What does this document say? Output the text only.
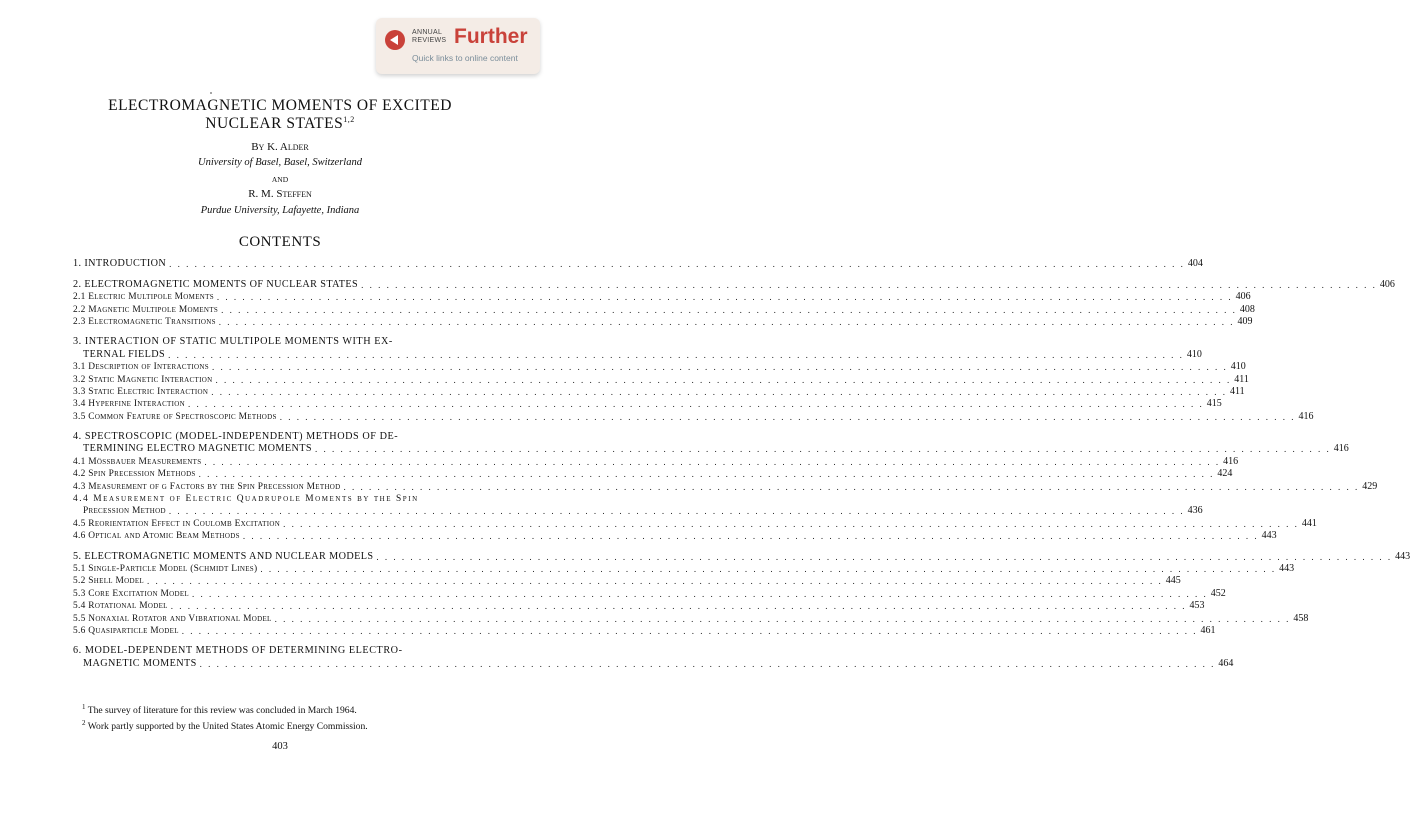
ANNUAL
REVIEWS Further
Quick links to online content
ELECTROMAGNETIC MOMENTS OF EXCITED
NUCLEAR STATES$^{1,2}$
By K. Alder
University of Basel, Basel, Switzerland
AND
R. M. Steffen
Purdue University, Lafayette, Indiana
CONTENTS
1. INTRODUCTION . . . . . . . . . . . . . . . . . . . . . . . . . . . . . . . . . . . . . . . . . . . . . . . . . . . . . . . . . . . . . . . . . . . . . . . . . . . . . . . . . . . . . . . . . . . . . . . . . . . . . . . . . . . . . . . . . . . . . . . . 404
2. ELECTROMAGNETIC MOMENTS OF NUCLEAR STATES . . . . . . . . . . . . . . . . . . . . . . . . . . . . . . . . . . . . . . . . . . . . . . . . . . . . . . . . . . . . . . . . . . . . . . . . . . . . . . . . . . . . . . . . . . . . . . . . . . . . . . . . . . . . . . . . . . . . . . . . 406
2.1 Electric Multipole Moments . . . . . . . . . . . . . . . . . . . . . . . . . . . . . . . . . . . . . . . . . . . . . . . . . . . . . . . . . . . . . . . . . . . . . . . . . . . . . . . . . . . . . . . . . . . . . . . . . . . . . . . . . . . . . . . . . . . . . . . . 406
2.2 Magnetic Multipole Moments . . . . . . . . . . . . . . . . . . . . . . . . . . . . . . . . . . . . . . . . . . . . . . . . . . . . . . . . . . . . . . . . . . . . . . . . . . . . . . . . . . . . . . . . . . . . . . . . . . . . . . . . . . . . . . . . . . . . . . . . 408
2.3 Electromagnetic Transitions . . . . . . . . . . . . . . . . . . . . . . . . . . . . . . . . . . . . . . . . . . . . . . . . . . . . . . . . . . . . . . . . . . . . . . . . . . . . . . . . . . . . . . . . . . . . . . . . . . . . . . . . . . . . . . . . . . . . . . . . 409
3. INTERACTION OF STATIC MULTIPOLE MOMENTS WITH EX-
TERNAL FIELDS . . . . . . . . . . . . . . . . . . . . . . . . . . . . . . . . . . . . . . . . . . . . . . . . . . . . . . . . . . . . . . . . . . . . . . . . . . . . . . . . . . . . . . . . . . . . . . . . . . . . . . . . . . . . . . . . . . . . . . . . 410
3.1 Description of Interactions . . . . . . . . . . . . . . . . . . . . . . . . . . . . . . . . . . . . . . . . . . . . . . . . . . . . . . . . . . . . . . . . . . . . . . . . . . . . . . . . . . . . . . . . . . . . . . . . . . . . . . . . . . . . . . . . . . . . . . . . 410
3.2 Static Magnetic Interaction . . . . . . . . . . . . . . . . . . . . . . . . . . . . . . . . . . . . . . . . . . . . . . . . . . . . . . . . . . . . . . . . . . . . . . . . . . . . . . . . . . . . . . . . . . . . . . . . . . . . . . . . . . . . . . . . . . . . . . . . 411
3.3 Static Electric Interaction . . . . . . . . . . . . . . . . . . . . . . . . . . . . . . . . . . . . . . . . . . . . . . . . . . . . . . . . . . . . . . . . . . . . . . . . . . . . . . . . . . . . . . . . . . . . . . . . . . . . . . . . . . . . . . . . . . . . . . . . 411
3.4 Hyperfine Interaction . . . . . . . . . . . . . . . . . . . . . . . . . . . . . . . . . . . . . . . . . . . . . . . . . . . . . . . . . . . . . . . . . . . . . . . . . . . . . . . . . . . . . . . . . . . . . . . . . . . . . . . . . . . . . . . . . . . . . . . . 415
3.5 Common Feature of Spectroscopic Methods . . . . . . . . . . . . . . . . . . . . . . . . . . . . . . . . . . . . . . . . . . . . . . . . . . . . . . . . . . . . . . . . . . . . . . . . . . . . . . . . . . . . . . . . . . . . . . . . . . . . . . . . . . . . . . . . . . . . . . . . 416
4. SPECTROSCOPIC (MODEL-INDEPENDENT) METHODS OF DE-
TERMINING ELECTRO MAGNETIC MOMENTS . . . . . . . . . . . . . . . . . . . . . . . . . . . . . . . . . . . . . . . . . . . . . . . . . . . . . . . . . . . . . . . . . . . . . . . . . . . . . . . . . . . . . . . . . . . . . . . . . . . . . . . . . . . . . . . . . . . . . . . . 416
4.1 Mössbauer Measurements . . . . . . . . . . . . . . . . . . . . . . . . . . . . . . . . . . . . . . . . . . . . . . . . . . . . . . . . . . . . . . . . . . . . . . . . . . . . . . . . . . . . . . . . . . . . . . . . . . . . . . . . . . . . . . . . . . . . . . . . 416
4.2 Spin Precession Methods . . . . . . . . . . . . . . . . . . . . . . . . . . . . . . . . . . . . . . . . . . . . . . . . . . . . . . . . . . . . . . . . . . . . . . . . . . . . . . . . . . . . . . . . . . . . . . . . . . . . . . . . . . . . . . . . . . . . . . . . 424
4.3 Measurement of g Factors by the Spin Precession Method . . . . . . . . . . . . . . . . . . . . . . . . . . . . . . . . . . . . . . . . . . . . . . . . . . . . . . . . . . . . . . . . . . . . . . . . . . . . . . . . . . . . . . . . . . . . . . . . . . . . . . . . . . . . . . . . . . . . . . . . 429
4.4 Measurement of Electric Quadrupole Moments by the Spin
Precession Method . . . . . . . . . . . . . . . . . . . . . . . . . . . . . . . . . . . . . . . . . . . . . . . . . . . . . . . . . . . . . . . . . . . . . . . . . . . . . . . . . . . . . . . . . . . . . . . . . . . . . . . . . . . . . . . . . . . . . . . . 436
4.5 Reorientation Effect in Coulomb Excitation . . . . . . . . . . . . . . . . . . . . . . . . . . . . . . . . . . . . . . . . . . . . . . . . . . . . . . . . . . . . . . . . . . . . . . . . . . . . . . . . . . . . . . . . . . . . . . . . . . . . . . . . . . . . . . . . . . . . . . . . 441
4.6 Optical and Atomic Beam Methods . . . . . . . . . . . . . . . . . . . . . . . . . . . . . . . . . . . . . . . . . . . . . . . . . . . . . . . . . . . . . . . . . . . . . . . . . . . . . . . . . . . . . . . . . . . . . . . . . . . . . . . . . . . . . . . . . . . . . . . . 443
5. ELECTROMAGNETIC MOMENTS AND NUCLEAR MODELS . . . . . . . . . . . . . . . . . . . . . . . . . . . . . . . . . . . . . . . . . . . . . . . . . . . . . . . . . . . . . . . . . . . . . . . . . . . . . . . . . . . . . . . . . . . . . . . . . . . . . . . . . . . . . . . . . . . . . . . . 443
5.1 Single-Particle Model (Schmidt Lines) . . . . . . . . . . . . . . . . . . . . . . . . . . . . . . . . . . . . . . . . . . . . . . . . . . . . . . . . . . . . . . . . . . . . . . . . . . . . . . . . . . . . . . . . . . . . . . . . . . . . . . . . . . . . . . . . . . . . . . . . 443
5.2 Shell Model . . . . . . . . . . . . . . . . . . . . . . . . . . . . . . . . . . . . . . . . . . . . . . . . . . . . . . . . . . . . . . . . . . . . . . . . . . . . . . . . . . . . . . . . . . . . . . . . . . . . . . . . . . . . . . . . . . . . . . . . 445
5.3 Core Excitation Model . . . . . . . . . . . . . . . . . . . . . . . . . . . . . . . . . . . . . . . . . . . . . . . . . . . . . . . . . . . . . . . . . . . . . . . . . . . . . . . . . . . . . . . . . . . . . . . . . . . . . . . . . . . . . . . . . . . . . . . . 452
5.4 Rotational Model . . . . . . . . . . . . . . . . . . . . . . . . . . . . . . . . . . . . . . . . . . . . . . . . . . . . . . . . . . . . . . . . . . . . . . . . . . . . . . . . . . . . . . . . . . . . . . . . . . . . . . . . . . . . . . . . . . . . . . . . 453
5.5 Nonaxial Rotator and Vibrational Model . . . . . . . . . . . . . . . . . . . . . . . . . . . . . . . . . . . . . . . . . . . . . . . . . . . . . . . . . . . . . . . . . . . . . . . . . . . . . . . . . . . . . . . . . . . . . . . . . . . . . . . . . . . . . . . . . . . . . . . . 458
5.6 Quasiparticle Model . . . . . . . . . . . . . . . . . . . . . . . . . . . . . . . . . . . . . . . . . . . . . . . . . . . . . . . . . . . . . . . . . . . . . . . . . . . . . . . . . . . . . . . . . . . . . . . . . . . . . . . . . . . . . . . . . . . . . . . . 461
6. MODEL-DEPENDENT METHODS OF DETERMINING ELECTRO-
MAGNETIC MOMENTS . . . . . . . . . . . . . . . . . . . . . . . . . . . . . . . . . . . . . . . . . . . . . . . . . . . . . . . . . . . . . . . . . . . . . . . . . . . . . . . . . . . . . . . . . . . . . . . . . . . . . . . . . . . . . . . . . . . . . . . . 464
$^1$ The survey of literature for this review was concluded in March 1964.
$^2$ Work partly supported by the United States Atomic Energy Commission.
403
